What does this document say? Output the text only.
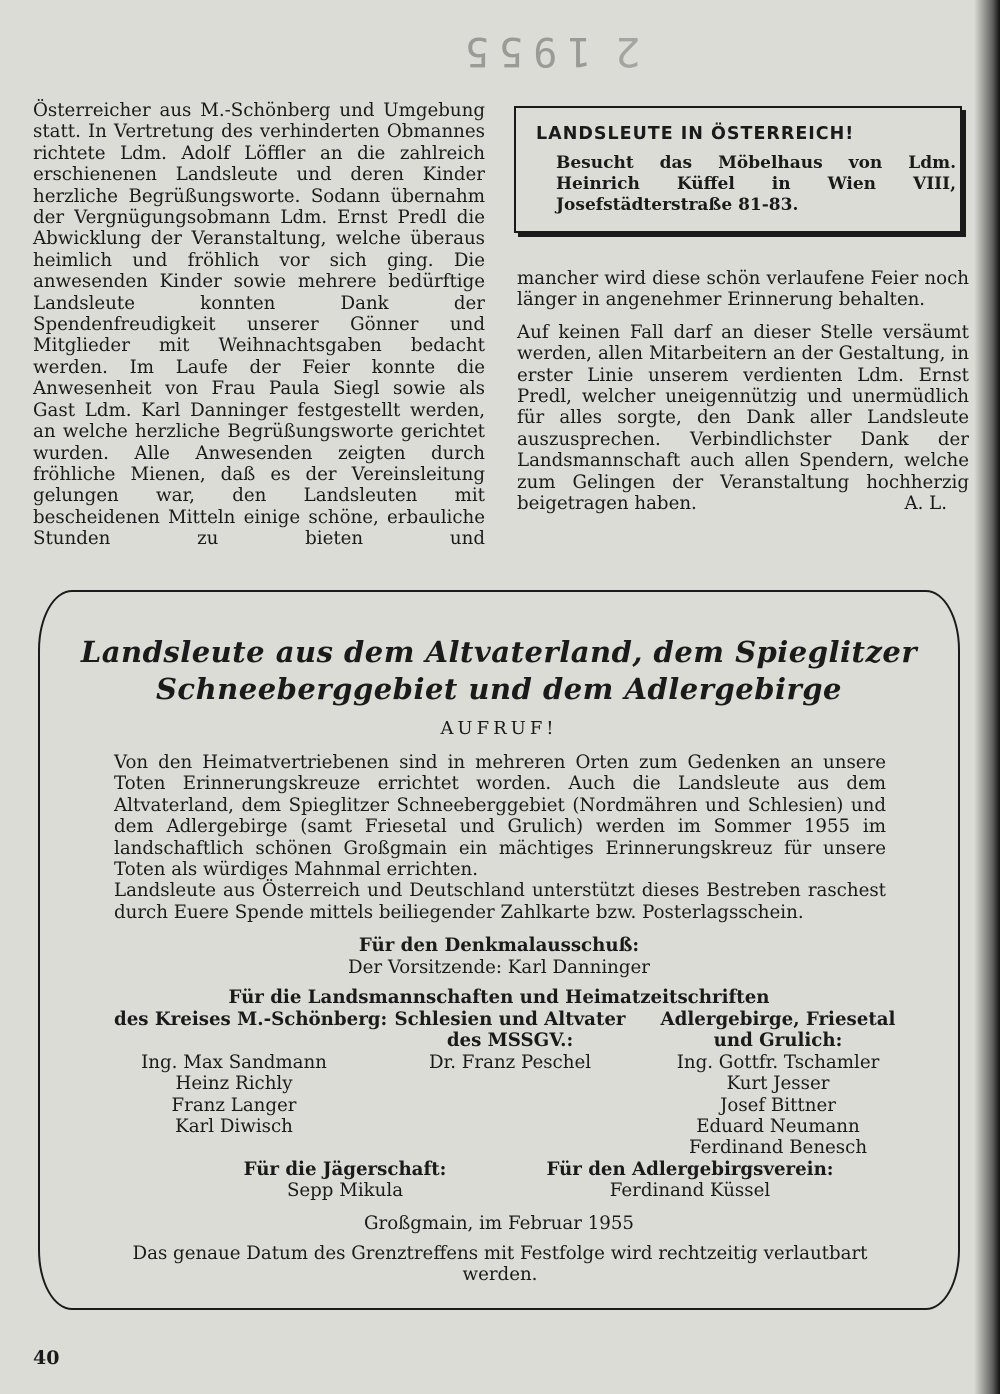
1955 2

Österreicher aus M.-Schönberg und Umgebung statt. In Vertretung des verhinderten Obmannes richtete Ldm. Adolf Löffler an die zahlreich erschienenen Landsleute und deren Kinder herzliche Begrüßungsworte. Sodann übernahm der Vergnügungsobmann Ldm. Ernst Predl die Abwicklung der Veranstaltung, welche überaus heimlich und fröhlich vor sich ging. Die anwesenden Kinder sowie mehrere bedürftige Landsleute konnten Dank der Spendenfreudigkeit unserer Gönner und Mitglieder mit Weihnachtsgaben bedacht werden. Im Laufe der Feier konnte die Anwesenheit von Frau Paula Siegl sowie als Gast Ldm. Karl Danninger festgestellt werden, an welche herzliche Begrüßungsworte gerichtet wurden. Alle Anwesenden zeigten durch fröhliche Mienen, daß es der Vereinsleitung gelungen war, den Landsleuten mit bescheidenen Mitteln einige schöne, erbauliche Stunden zu bieten und

LANDSLEUTE IN ÖSTERREICH!
Besucht das Möbelhaus von Ldm. Heinrich Küffel in Wien VIII, Josefstädterstraße 81-83.

mancher wird diese schön verlaufene Feier noch länger in angenehmer Erinnerung behalten.

Auf keinen Fall darf an dieser Stelle versäumt werden, allen Mitarbeitern an der Gestaltung, in erster Linie unserem verdienten Ldm. Ernst Predl, welcher uneigennützig und unermüdlich für alles sorgte, den Dank aller Landsleute auszusprechen. Verbindlichster Dank der Landsmannschaft auch allen Spendern, welche zum Gelingen der Veranstaltung hochherzig beigetragen haben.	A. L.

Landsleute aus dem Altvaterland, dem Spieglitzer
Schneeberggebiet und dem Adlergebirge
AUFRUF!

Von den Heimatvertriebenen sind in mehreren Orten zum Gedenken an unsere Toten Erinnerungskreuze errichtet worden. Auch die Landsleute aus dem Altvaterland, dem Spieglitzer Schneeberggebiet (Nordmähren und Schlesien) und dem Adlergebirge (samt Friesetal und Grulich) werden im Sommer 1955 im landschaftlich schönen Großgmain ein mächtiges Erinnerungskreuz für unsere Toten als würdiges Mahnmal errichten.

Landsleute aus Österreich und Deutschland unterstützt dieses Bestreben raschest durch Euere Spende mittels beiliegender Zahlkarte bzw. Posterlagsschein.

Für den Denkmalausschuß:
Der Vorsitzende: Karl Danninger
Für die Landsmannschaften und Heimatzeitschriften
des Kreises M.-Schönberg:
Ing. Max Sandmann
Heinz Richly
Franz Langer
Karl Diwisch
Schlesien und Altvater
des MSSGV.:
Dr. Franz Peschel
Adlergebirge, Friesetal
und Grulich:
Ing. Gottfr. Tschamler
Kurt Jesser
Josef Bittner
Eduard Neumann
Ferdinand Benesch
Für die Jägerschaft:
Sepp Mikula
Für den Adlergebirgsverein:
Ferdinand Küssel
Großgmain, im Februar 1955
Das genaue Datum des Grenztreffens mit Festfolge wird rechtzeitig verlautbart werden.
40
